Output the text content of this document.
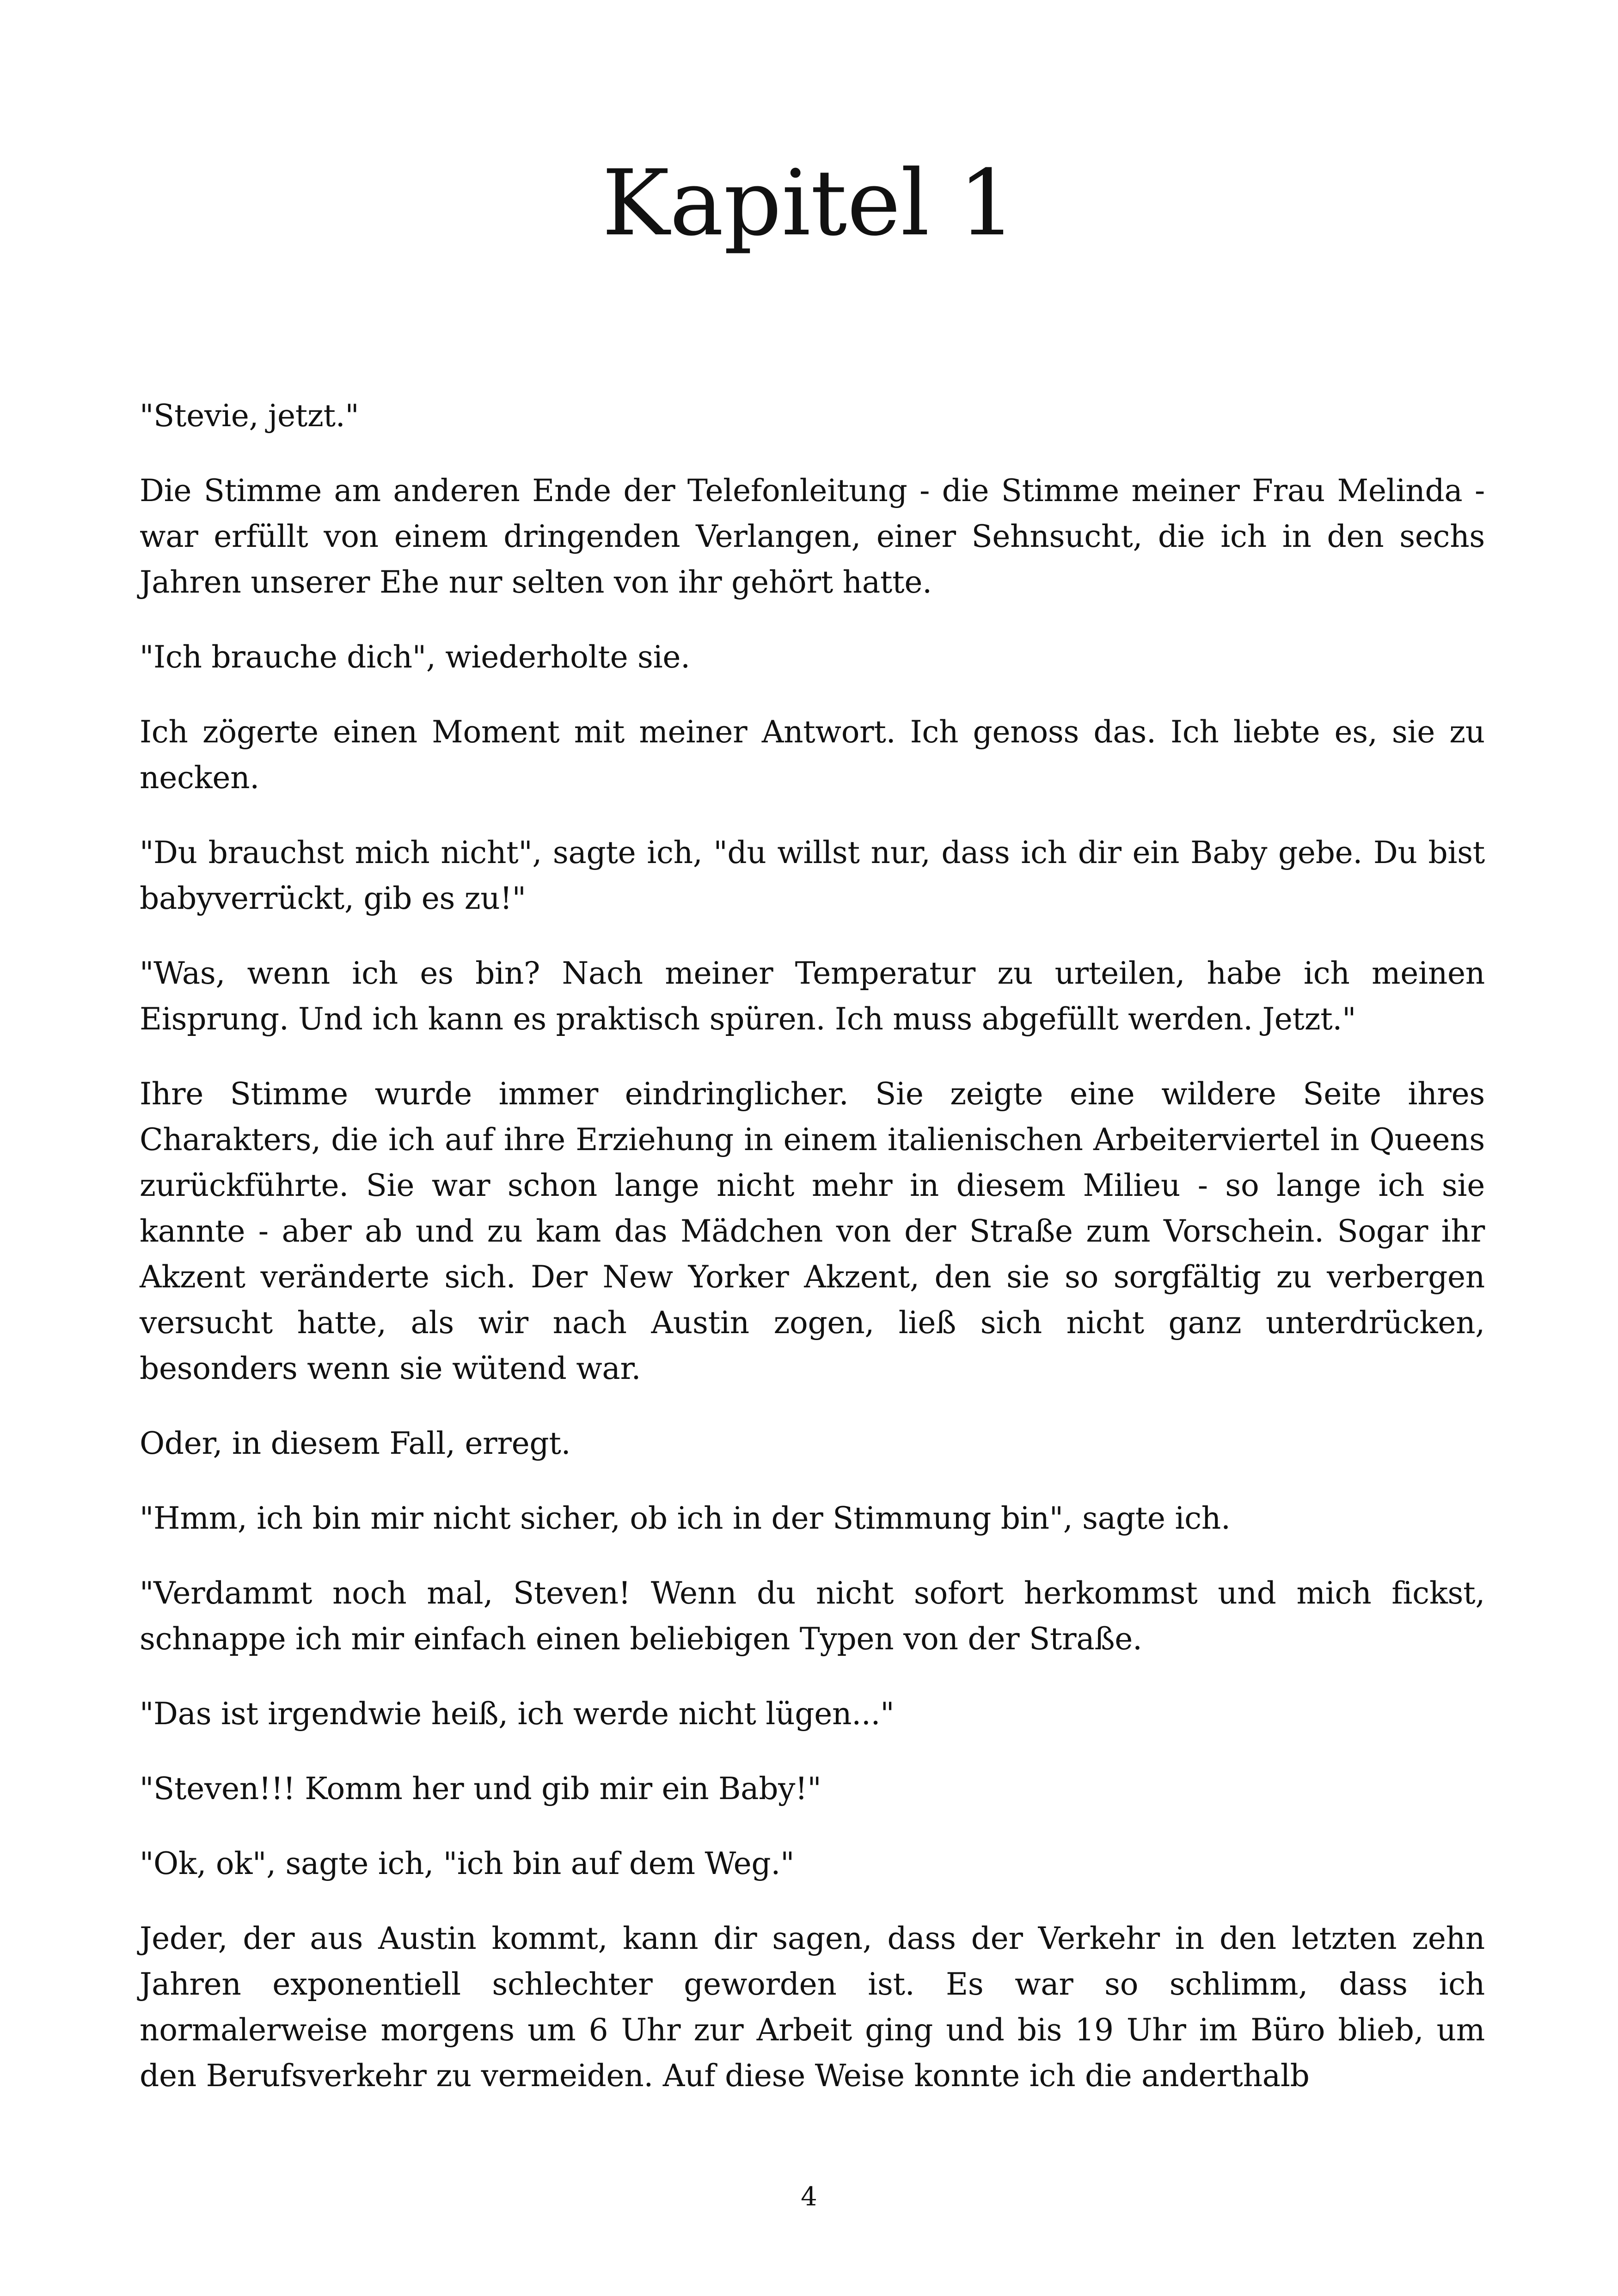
Kapitel 1

"Stevie, jetzt."

Die Stimme am anderen Ende der Telefonleitung - die Stimme meiner Frau Melinda - war erfüllt von einem dringenden Verlangen, einer Sehnsucht, die ich in den sechs Jahren unserer Ehe nur selten von ihr gehört hatte.

"Ich brauche dich", wiederholte sie.

Ich zögerte einen Moment mit meiner Antwort. Ich genoss das. Ich liebte es, sie zu necken.

"Du brauchst mich nicht", sagte ich, "du willst nur, dass ich dir ein Baby gebe. Du bist babyverrückt, gib es zu!"

"Was, wenn ich es bin? Nach meiner Temperatur zu urteilen, habe ich meinen Eisprung. Und ich kann es praktisch spüren. Ich muss abgefüllt werden. Jetzt."

Ihre Stimme wurde immer eindringlicher. Sie zeigte eine wildere Seite ihres Charakters, die ich auf ihre Erziehung in einem italienischen Arbeiterviertel in Queens zurückführte. Sie war schon lange nicht mehr in diesem Milieu - so lange ich sie kannte - aber ab und zu kam das Mädchen von der Straße zum Vorschein. Sogar ihr Akzent veränderte sich. Der New Yorker Akzent, den sie so sorgfältig zu verbergen versucht hatte, als wir nach Austin zogen, ließ sich nicht ganz unterdrücken, besonders wenn sie wütend war.

Oder, in diesem Fall, erregt.

"Hmm, ich bin mir nicht sicher, ob ich in der Stimmung bin", sagte ich.

"Verdammt noch mal, Steven! Wenn du nicht sofort herkommst und mich fickst, schnappe ich mir einfach einen beliebigen Typen von der Straße.

"Das ist irgendwie heiß, ich werde nicht lügen..."

"Steven!!! Komm her und gib mir ein Baby!"

"Ok, ok", sagte ich, "ich bin auf dem Weg."

Jeder, der aus Austin kommt, kann dir sagen, dass der Verkehr in den letzten zehn Jahren exponentiell schlechter geworden ist. Es war so schlimm, dass ich normalerweise morgens um 6 Uhr zur Arbeit ging und bis 19 Uhr im Büro blieb, um den Berufsverkehr zu vermeiden. Auf diese Weise konnte ich die anderthalb

4
